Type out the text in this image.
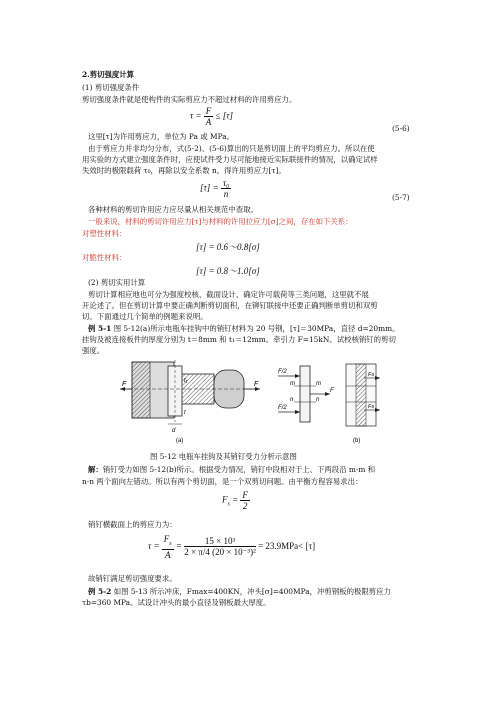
2.剪切强度计算
(1) 剪切强度条件
剪切强度条件就是使构件的实际剪应力不超过材料的许用剪应力。
$\tau = \frac{F}{A} \le [\tau]$
(5-6)
这里[τ]为许用剪应力，单位为 Pa 或 MPa。
由于剪应力并非均匀分布，式(5-2)、(5-6)算出的只是剪切面上的平均剪应力。所以在使
用实验的方式建立强度条件时，应使试件受力尽可能地接近实际联接件的情况，以确定试样
失效时的极限载荷 τ₀，再除以安全系数 n，得许用剪应力[τ]。
$[\tau] = \frac{\text{τ₀}}{n}$	(5-7)
各种材料的剪切许用应力应尽量从相关规范中查取。
一般来说，材料的剪切许用应力[τ]与材料的许用拉应力[σ]之间，存在如下关系：
对塑性材料：
[τ] = 0.6～0.8[σ]
对脆性材料：
[τ] = 0.8～1.0[σ]
(2) 剪切实用计算
剪切计算相应地也可分为强度校核、截面设计、确定许可载荷等三类问题，这里就不展
开论述了。但在剪切计算中要正确判断剪切面积，在铆钉联接中还要正确判断单剪切和双剪
切。下面通过几个简单的例题来说明。
例 5-1 图 5-12(a)所示电瓶车挂钩中的销钉材料为 20 号钢，[τ]＝30MPa，直径 d=20mm。
挂钩及被连接板件的厚度分别为 t＝8mm 和 t₁＝12mm。牵引力 F=15kN。试校核销钉的剪切
强度。
F	F
t
t₁
d
(a)
F/2
F/2
F
m	m
n	n
Fs
Fs
(b)
图 5-12 电瓶车挂钩及其销钉受力分析示意图
解：销钉受力如图 5-12(b)所示。根据受力情况，销钉中段相对于上、下两段沿 m-m 和
n-n 两个面向左错动。所以有两个剪切面，是一个双剪切问题。由平衡方程容易求出：
$F_s = \frac{F}{2}$
销钉横截面上的剪应力为：
$\tau = \frac{F_s}{A} = \frac{\text{15 × 10³}}{\text{2 × π/4 (20 × 10⁻³)²}} = 23.9MPa< [\tau]$
故销钉满足剪切强度要求。
例 5-2 如图 5-13 所示冲床，Fmax=400KN，冲头[σ]=400MPa，冲剪钢板的极限剪应力
τb=360 MPa。试设计冲头的最小直径及钢板最大厚度。
